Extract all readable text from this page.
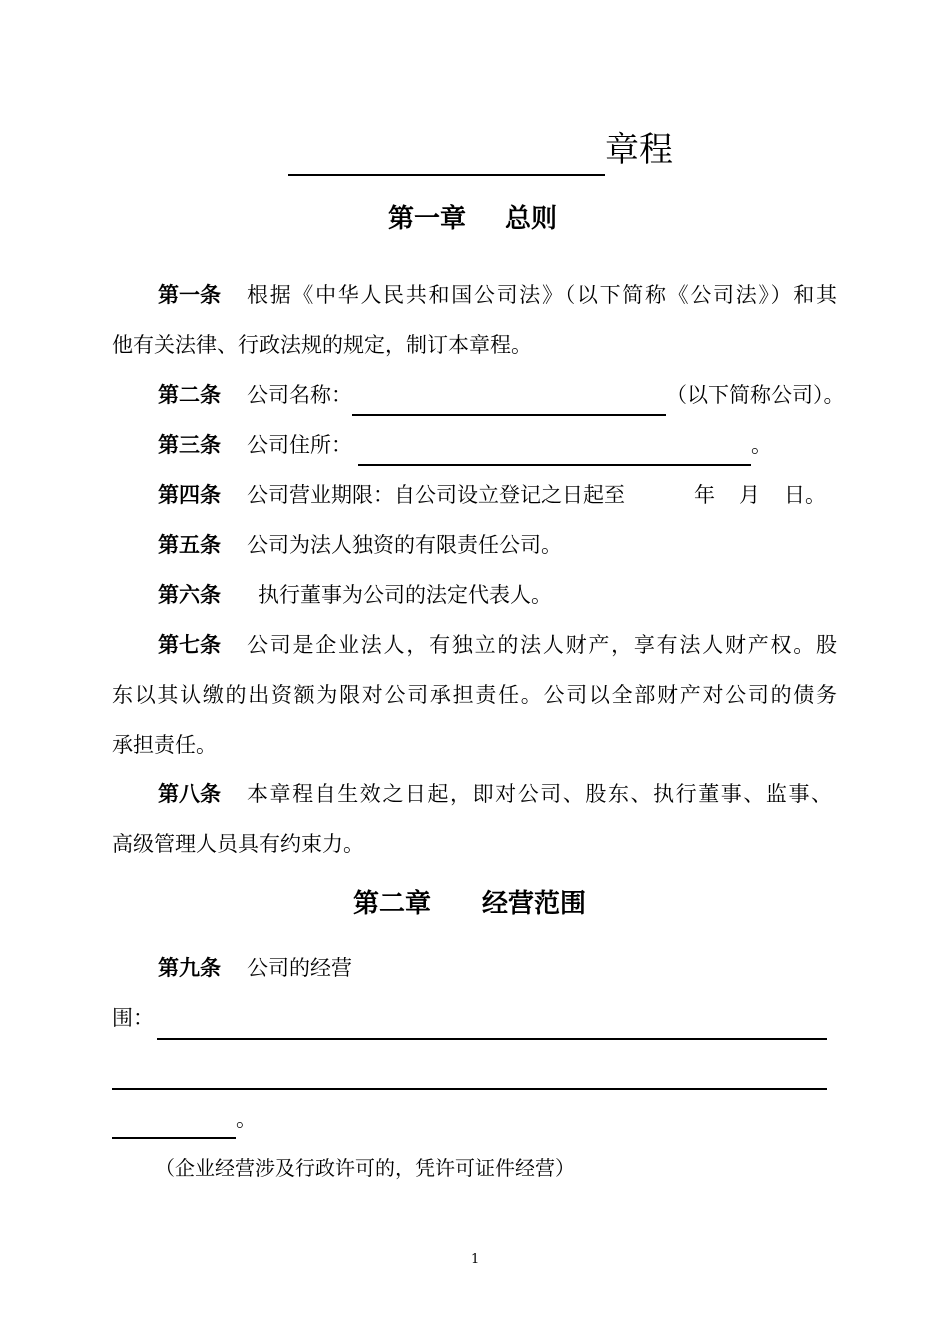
章程
第一章 总则
第一条 根据《中华人民共和国公司法》（以下简称《公司法》）和其
他有关法律、行政法规的规定，制订本章程。
第二条 公司名称：	（以下简称公司）。
第三条 公司住所：	。
第四条 公司营业期限：自公司设立登记之日起至	年 月 日。
第五条 公司为法人独资的有限责任公司。
第六条 执行董事为公司的法定代表人。
第七条 公司是企业法人，有独立的法人财产，享有法人财产权。股
东以其认缴的出资额为限对公司承担责任。公司以全部财产对公司的债务
承担责任。
第八条 本章程自生效之日起，即对公司、股东、执行董事、监事、
高级管理人员具有约束力。
第二章 经营范围
第九条 公司的经营
围：
。
（企业经营涉及行政许可的，凭许可证件经营）
1
